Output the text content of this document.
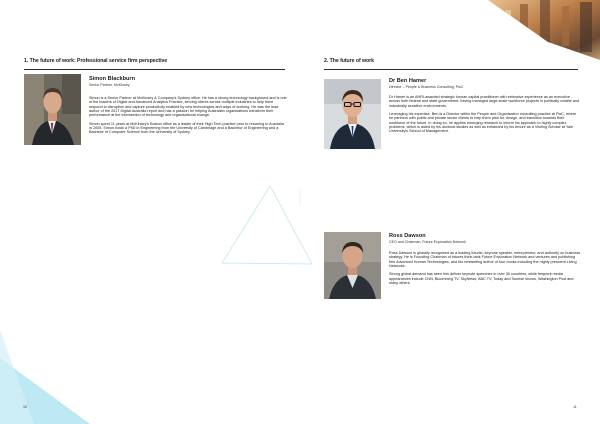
1. The future of work: Professional service firm perspective
Simon Blackburn
Senior Partner, McKinsey

Simon is a Senior Partner at McKinsey & Company's Sydney office. He has a strong technology background and is one of the leaders of Digital and Advanced Analytics Practice, serving clients across multiple industries to help them respond to disruption and capture productivity enabled by new technologies and ways of working. He was the lead author of the 2017 Digital Australia report and has a passion for helping Australian organisations transform their performance at the intersection of technology and organisational change.

Simon spent 11 years at McKinsey's Boston office as a leader of their High Tech practice prior to returning to Australia in 2005. Simon holds a PhD in Engineering from the University of Cambridge and a Bachelor of Engineering and a Bachelor of Computer Science from the University of Sydney.

10
2. The future of work
Dr Ben Hamer
Director – People & Business Consulting, PwC

Dr Hamer is an AHRI-awarded strategic human capital practitioner with extensive experience as an executive across both federal and state government, having managed large-scale workforce projects in politically volatile and industrially sensitive environments.

Leveraging his expertise, Ben is a Director within the People and Organisation consulting practice at PwC, where he partners with public and private sector clients to help them plan for, design, and transition towards their workforce of the future. In doing so, he applies emerging research to inform his approach to highly complex problems, which is aided by his doctoral studies as well as enhanced by his tenure as a Visiting Scholar at Yale University's School of Management.

Ross Dawson
CEO and Chairman, Future Exploration Network

Ross Dawson is globally recognised as a leading futurist, keynote speaker, entrepreneur, and authority on business strategy. He is Founding Chairman of futures think-tank Future Exploration Network and ventures and publishing firm Advanced Human Technologies, and the bestselling author of four books including the highly prescient Living Networks.

Strong global demand has seen him deliver keynote speeches in over 30 countries, while frequent media appearances include CNN, Bloomberg TV, SkyNews, ABC TV, Today and Sunrise shows, Washington Post and many others.

11
